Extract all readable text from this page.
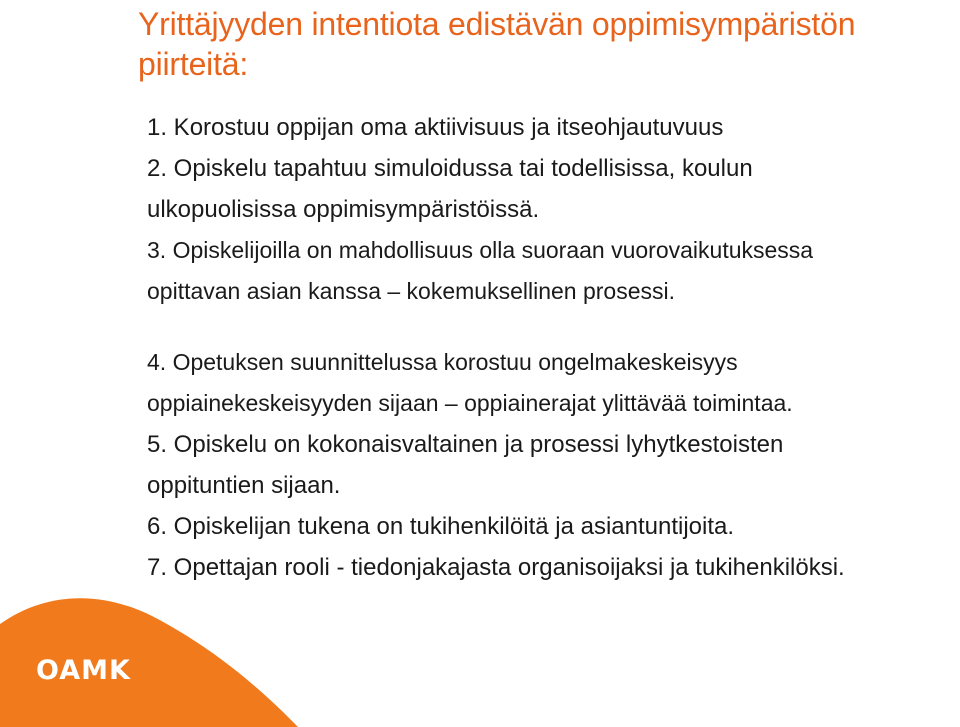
OAMK
Yrittäjyyden intentiota edistävän oppimisympäristön
piirteitä:
1. Korostuu oppijan oma aktiivisuus ja itseohjautuvuus
2. Opiskelu tapahtuu simuloidussa tai todellisissa, koulun
ulkopuolisissa oppimisympäristöissä.
3. Opiskelijoilla on mahdollisuus olla suoraan vuorovaikutuksessa
opittavan asian kanssa – kokemuksellinen prosessi.
4. Opetuksen suunnittelussa korostuu ongelmakeskeisyys
oppiainekeskeisyyden sijaan – oppiainerajat ylittävää toimintaa.
5. Opiskelu on kokonaisvaltainen ja prosessi lyhytkestoisten
oppituntien sijaan.
6. Opiskelijan tukena on tukihenkilöitä ja asiantuntijoita.
7. Opettajan rooli - tiedonjakajasta organisoijaksi ja tukihenkilöksi.
